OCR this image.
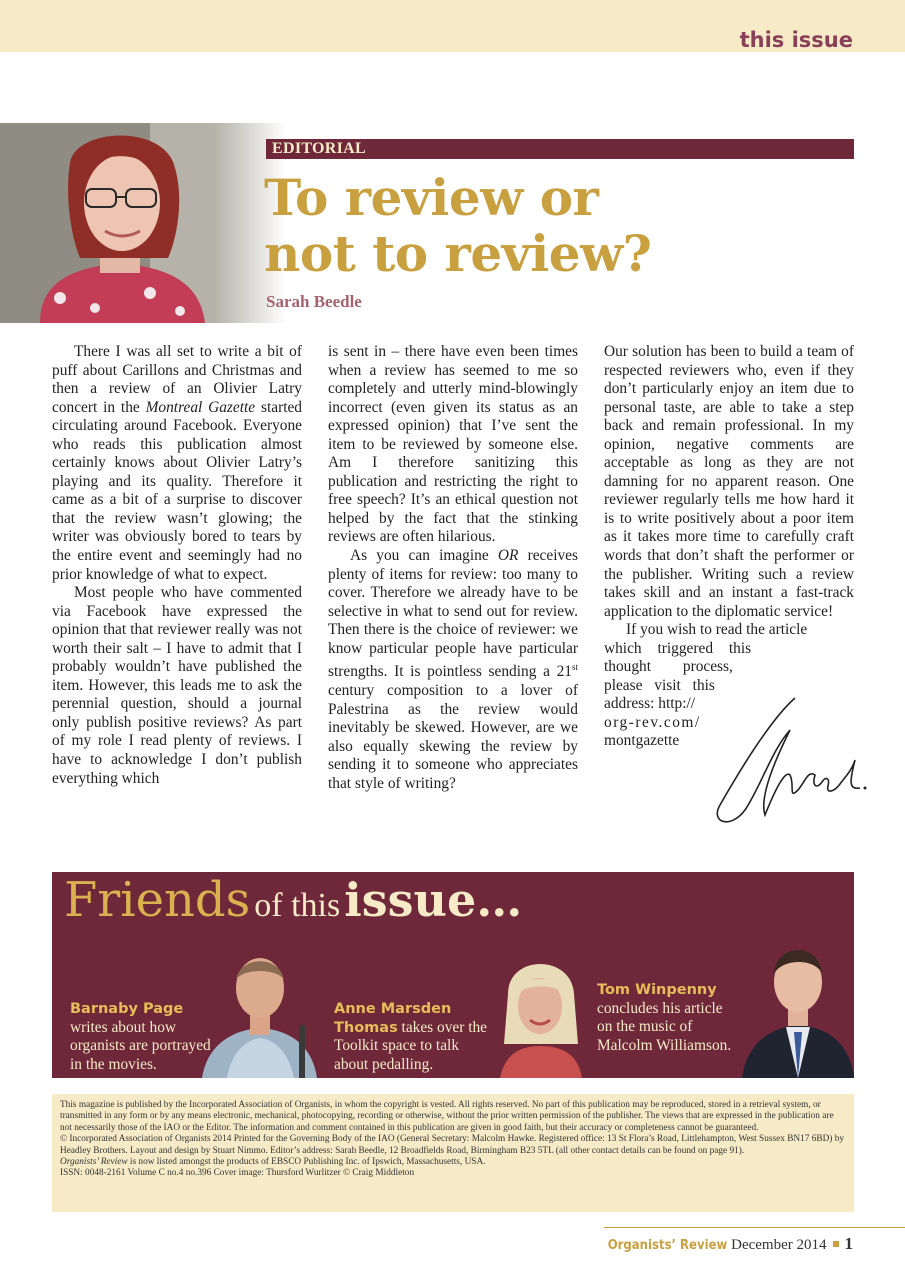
this issue
EDITORIAL
To review or
not to review?
Sarah Beedle

There I was all set to write a bit of puff about Carillons and Christmas and then a review of an Olivier Latry concert in the Montreal Gazette started circulating around Facebook. Everyone who reads this publication almost certainly knows about Olivier Latry’s playing and its quality. Therefore it came as a bit of a surprise to discover that the review wasn’t glowing; the writer was obviously bored to tears by the entire event and seemingly had no prior knowledge of what to expect.

Most people who have commented via Facebook have expressed the opinion that that reviewer really was not worth their salt – I have to admit that I probably wouldn’t have published the item. However, this leads me to ask the perennial question, should a journal only publish positive reviews? As part of my role I read plenty of reviews. I have to acknowledge I don’t publish everything which

is sent in – there have even been times when a review has seemed to me so completely and utterly mind-blowingly incorrect (even given its status as an expressed opinion) that I’ve sent the item to be reviewed by someone else. Am I therefore sanitizing this publication and restricting the right to free speech? It’s an ethical question not helped by the fact that the stinking reviews are often hilarious.

As you can imagine OR receives plenty of items for review: too many to cover. Therefore we already have to be selective in what to send out for review. Then there is the choice of reviewer: we know particular people have particular strengths. It is pointless sending a 21st century composition to a lover of Palestrina as the review would inevitably be skewed. However, are we also equally skewing the review by sending it to someone who appreciates that style of writing?

Our solution has been to build a team of respected reviewers who, even if they don’t particularly enjoy an item due to personal taste, are able to take a step back and remain professional. In my opinion, negative comments are acceptable as long as they are not damning for no apparent reason. One reviewer regularly tells me how hard it is to write positively about a poor item as it takes more time to carefully craft words that don’t shaft the performer or the publisher. Writing such a review takes skill and an instant a fast-track application to the diplomatic service!

If you wish to read the article
which triggered this
thought process,
please visit this
address: http://
org-rev.com/
montgazette

Friends of this issue…
Barnaby Page writes about how organists are portrayed in the movies.
Anne Marsden Thomas takes over the Toolkit space to talk about pedalling.
Tom Winpenny
concludes his article on the music of Malcolm Williamson.

This magazine is published by the Incorporated Association of Organists, in whom the copyright is vested. All rights reserved. No part of this publication may be reproduced, stored in a retrieval system, or transmitted in any form or by any means electronic, mechanical, photocopying, recording or otherwise, without the prior written permission of the publisher. The views that are expressed in the publication are not necessarily those of the IAO or the Editor. The information and comment contained in this publication are given in good faith, but their accuracy or completeness cannot be guaranteed.

© Incorporated Association of Organists 2014 Printed for the Governing Body of the IAO (General Secretary: Malcolm Hawke. Registered office: 13 St Flora’s Road, Littlehampton, West Sussex BN17 6BD) by Headley Brothers. Layout and design by Stuart Nimmo. Editor’s address: Sarah Beedle, 12 Broadfields Road, Birmingham B23 5TL (all other contact details can be found on page 91).

Organists’ Review is now listed amongst the products of EBSCO Publishing Inc. of Ipswich, Massachusetts, USA.

ISSN: 0048-2161 Volume C no.4 no.396 Cover image: Thursford Wurlitzer © Craig Middleton

Organists’ Review December 2014 1
